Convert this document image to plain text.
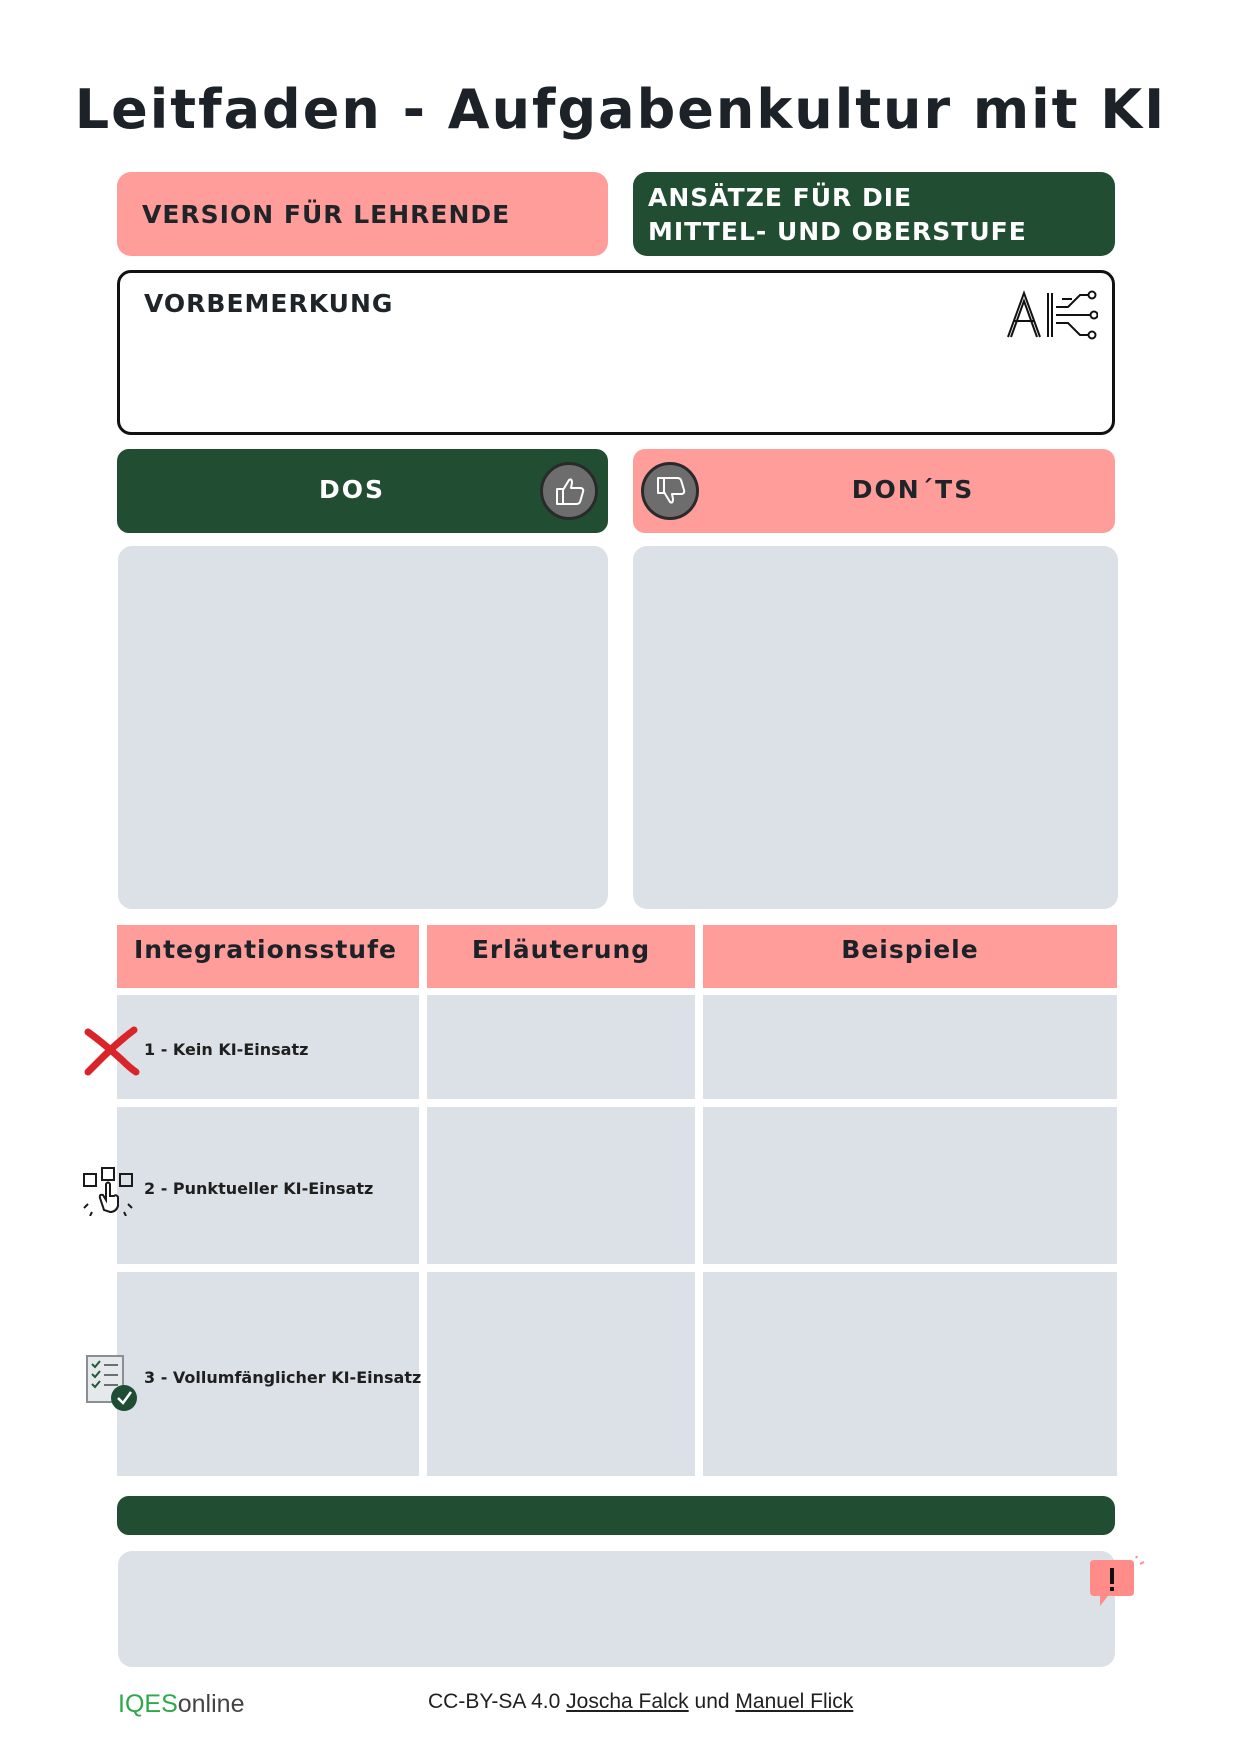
Leitfaden - Aufgabenkultur mit KI
VERSION FÜR LEHRENDE
ANSÄTZE FÜR DIE
MITTEL- UND OBERSTUFE
VORBEMERKUNG
DOS	DON´TS
Integrationsstufe	Erläuterung	Beispiele
1 - Kein KI-Einsatz
2 - Punktueller KI-Einsatz
3 - Vollumfänglicher KI-Einsatz
IQESonline	CC-BY-SA 4.0 Joscha Falck und Manuel Flick
